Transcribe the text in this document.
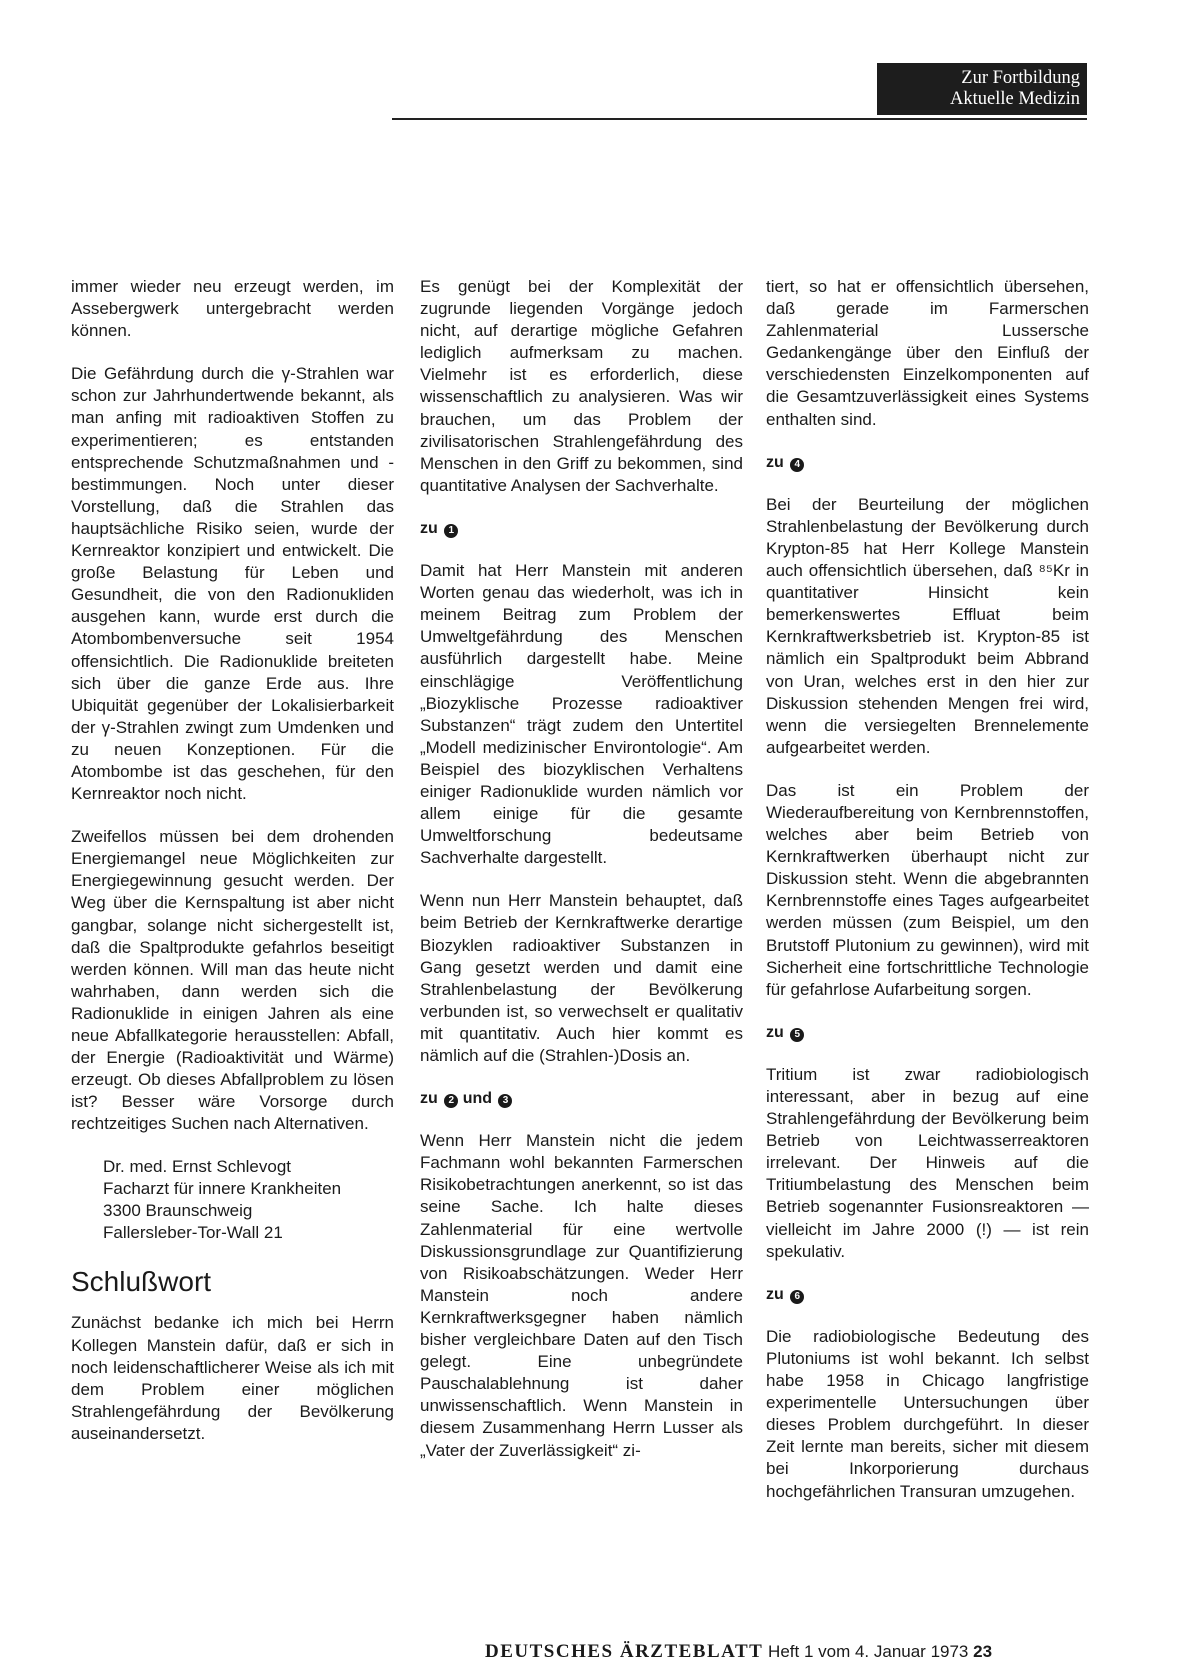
Zur Fortbildung
Aktuelle Medizin

immer wieder neu erzeugt werden, im Assebergwerk untergebracht werden können.

Die Gefährdung durch die γ-Strahlen war schon zur Jahrhundertwende bekannt, als man anfing mit radioaktiven Stoffen zu experimentieren; es entstanden entsprechende Schutzmaßnahmen und -bestimmungen. Noch unter dieser Vorstellung, daß die Strahlen das hauptsächliche Risiko seien, wurde der Kernreaktor konzipiert und entwickelt. Die große Belastung für Leben und Gesundheit, die von den Radionukliden ausgehen kann, wurde erst durch die Atombombenversuche seit 1954 offensichtlich. Die Radionuklide breiteten sich über die ganze Erde aus. Ihre Ubiquität gegenüber der Lokalisierbarkeit der γ-Strahlen zwingt zum Umdenken und zu neuen Konzeptionen. Für die Atombombe ist das geschehen, für den Kernreaktor noch nicht.

Zweifellos müssen bei dem drohenden Energiemangel neue Möglichkeiten zur Energiegewinnung gesucht werden. Der Weg über die Kernspaltung ist aber nicht gangbar, solange nicht sichergestellt ist, daß die Spaltprodukte gefahrlos beseitigt werden können. Will man das heute nicht wahrhaben, dann werden sich die Radionuklide in einigen Jahren als eine neue Abfallkategorie herausstellen: Abfall, der Energie (Radioaktivität und Wärme) erzeugt. Ob dieses Abfallproblem zu lösen ist? Besser wäre Vorsorge durch rechtzeitiges Suchen nach Alternativen.

Dr. med. Ernst Schlevogt
Facharzt für innere Krankheiten
3300 Braunschweig
Fallersleber-Tor-Wall 21
Schlußwort

Zunächst bedanke ich mich bei Herrn Kollegen Manstein dafür, daß er sich in noch leidenschaftlicherer Weise als ich mit dem Problem einer möglichen Strahlengefährdung der Bevölkerung auseinandersetzt.

Es genügt bei der Komplexität der zugrunde liegenden Vorgänge jedoch nicht, auf derartige mögliche Gefahren lediglich aufmerksam zu machen. Vielmehr ist es erforderlich, diese wissenschaftlich zu analysieren. Was wir brauchen, um das Problem der zivilisatorischen Strahlengefährdung des Menschen in den Griff zu bekommen, sind quantitative Analysen der Sachverhalte.

zu 1

Damit hat Herr Manstein mit anderen Worten genau das wiederholt, was ich in meinem Beitrag zum Problem der Umweltgefährdung des Menschen ausführlich dargestellt habe. Meine einschlägige Veröffentlichung „Biozyklische Prozesse radioaktiver Substanzen“ trägt zudem den Untertitel „Modell medizinischer Environtologie“. Am Beispiel des biozyklischen Verhaltens einiger Radionuklide wurden nämlich vor allem einige für die gesamte Umweltforschung bedeutsame Sachverhalte dargestellt.

Wenn nun Herr Manstein behauptet, daß beim Betrieb der Kernkraftwerke derartige Biozyklen radioaktiver Substanzen in Gang gesetzt werden und damit eine Strahlenbelastung der Bevölkerung verbunden ist, so verwechselt er qualitativ mit quantitativ. Auch hier kommt es nämlich auf die (Strahlen-)Dosis an.

zu 2 und 3

Wenn Herr Manstein nicht die jedem Fachmann wohl bekannten Farmerschen Risikobetrachtungen anerkennt, so ist das seine Sache. Ich halte dieses Zahlenmaterial für eine wertvolle Diskussionsgrundlage zur Quantifizierung von Risikoabschätzungen. Weder Herr Manstein noch andere Kernkraftwerksgegner haben nämlich bisher vergleichbare Daten auf den Tisch gelegt. Eine unbegründete Pauschalablehnung ist daher unwissenschaftlich. Wenn Manstein in diesem Zusammenhang Herrn Lusser als „Vater der Zuverlässigkeit“ zi-

tiert, so hat er offensichtlich übersehen, daß gerade im Farmerschen Zahlenmaterial Lussersche Gedankengänge über den Einfluß der verschiedensten Einzelkomponenten auf die Gesamtzuverlässigkeit eines Systems enthalten sind.

zu 4

Bei der Beurteilung der möglichen Strahlenbelastung der Bevölkerung durch Krypton-85 hat Herr Kollege Manstein auch offensichtlich übersehen, daß ⁸⁵Kr in quantitativer Hinsicht kein bemerkenswertes Effluat beim Kernkraftwerksbetrieb ist. Krypton-85 ist nämlich ein Spaltprodukt beim Abbrand von Uran, welches erst in den hier zur Diskussion stehenden Mengen frei wird, wenn die versiegelten Brennelemente aufgearbeitet werden.

Das ist ein Problem der Wiederaufbereitung von Kernbrennstoffen, welches aber beim Betrieb von Kernkraftwerken überhaupt nicht zur Diskussion steht. Wenn die abgebrannten Kernbrennstoffe eines Tages aufgearbeitet werden müssen (zum Beispiel, um den Brutstoff Plutonium zu gewinnen), wird mit Sicherheit eine fortschrittliche Technologie für gefahrlose Aufarbeitung sorgen.

zu 5

Tritium ist zwar radiobiologisch interessant, aber in bezug auf eine Strahlengefährdung der Bevölkerung beim Betrieb von Leichtwasserreaktoren irrelevant. Der Hinweis auf die Tritiumbelastung des Menschen beim Betrieb sogenannter Fusionsreaktoren — vielleicht im Jahre 2000 (!) — ist rein spekulativ.

zu 6

Die radiobiologische Bedeutung des Plutoniums ist wohl bekannt. Ich selbst habe 1958 in Chicago langfristige experimentelle Untersuchungen über dieses Problem durchgeführt. In dieser Zeit lernte man bereits, sicher mit diesem bei Inkorporierung durchaus hochgefährlichen Transuran umzugehen.

DEUTSCHES ÄRZTEBLATT Heft 1 vom 4. Januar 1973 23
